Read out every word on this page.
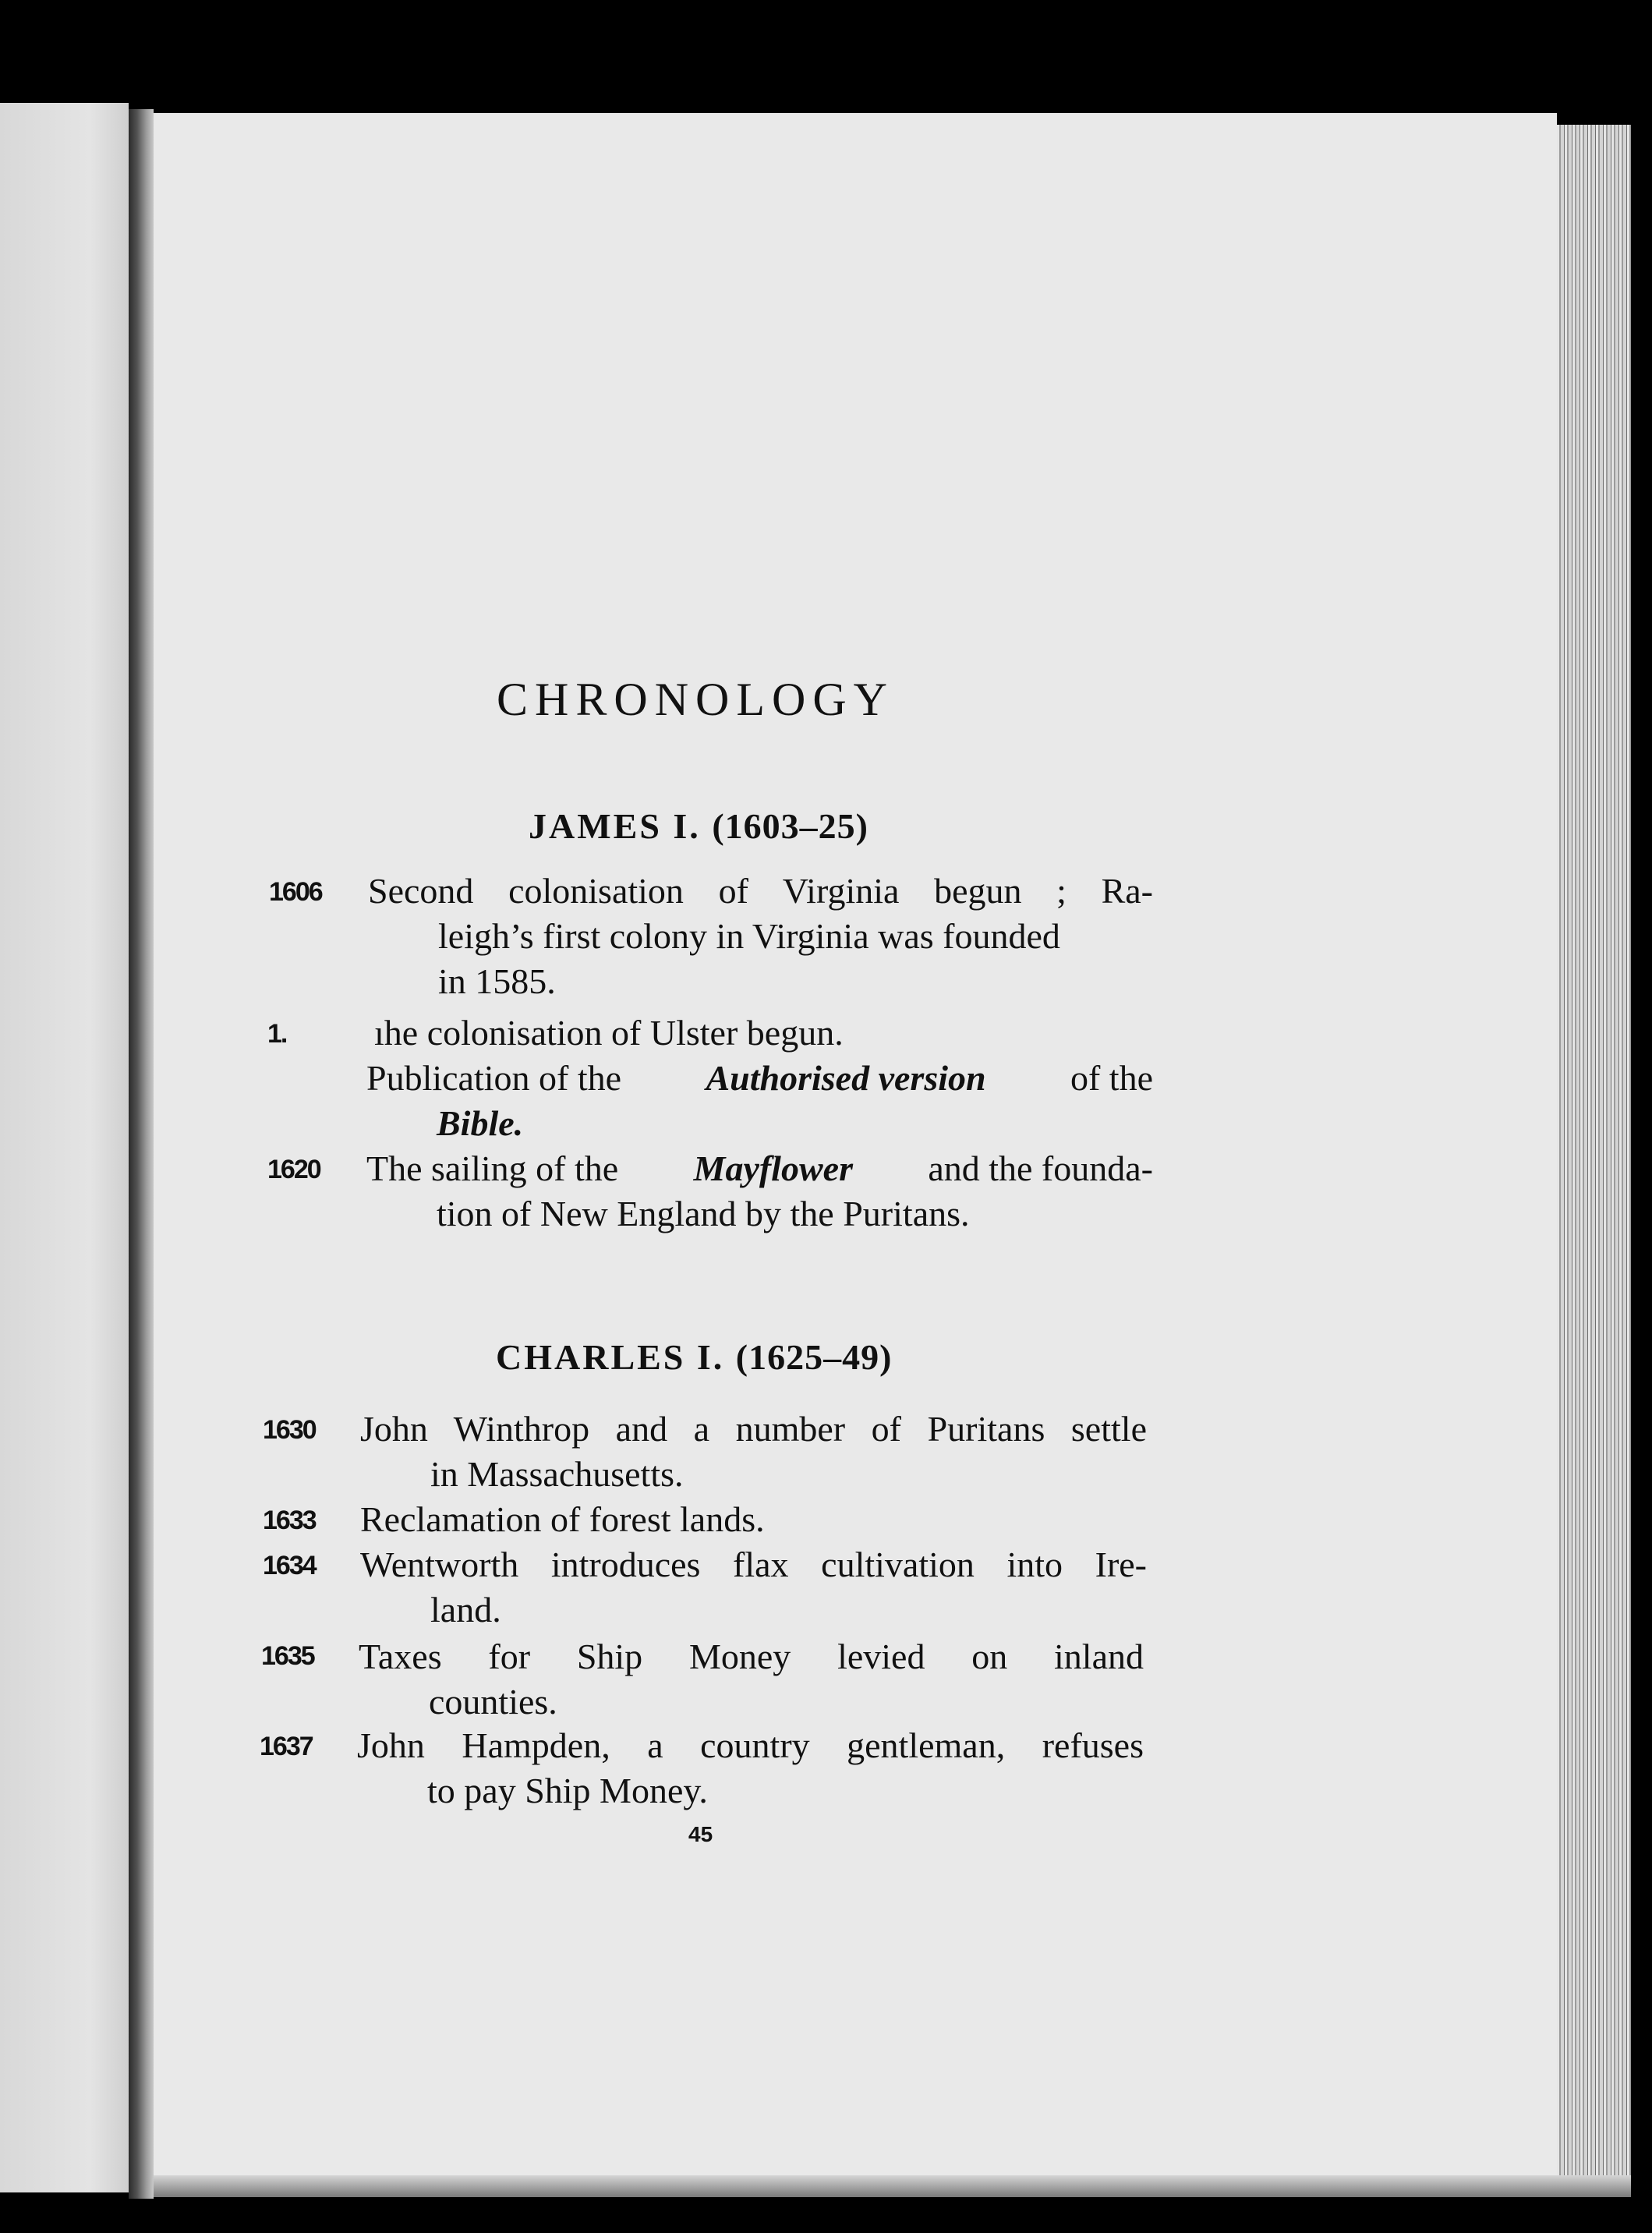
CHRONOLOGY
JAMES I. (1603–25)
1606 Second colonisation of Virginia begun ; Ra-
leigh’s first colony in Virginia was founded
in 1585.
1. ıhe colonisation of Ulster begun.
Publication of the Authorised version of the
Bible.
1620 The sailing of the Mayflower and the founda-
tion of New England by the Puritans.
CHARLES I. (1625–49)
1630 John Winthrop and a number of Puritans settle
in Massachusetts.
1633 Reclamation of forest lands.
1634 Wentworth introduces flax cultivation into Ire-
land.
1635 Taxes for Ship Money levied on inland
counties.
1637 John Hampden, a country gentleman, refuses
to pay Ship Money.
45
